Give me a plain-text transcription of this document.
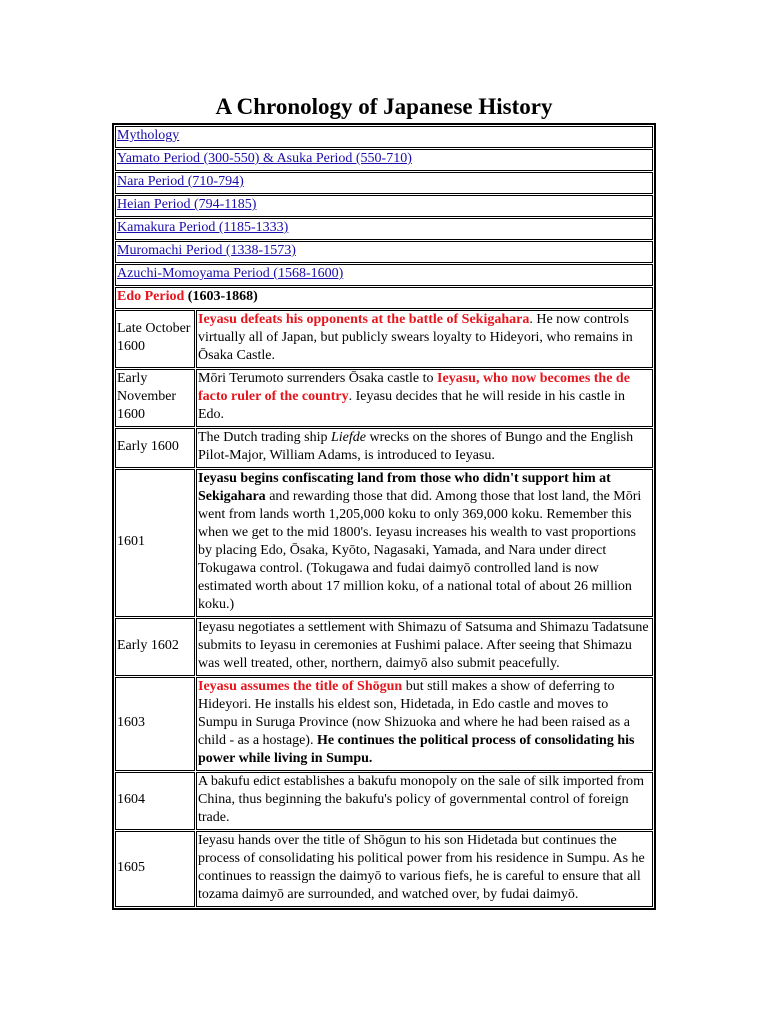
A Chronology of Japanese History
Mythology	
Yamato Period (300-550) & Asuka Period (550-710)	
Nara Period (710-794)	
Heian Period (794-1185)	
Kamakura Period (1185-1333)	
Muromachi Period (1338-1573)	
Azuchi-Momoyama Period (1568-1600)	
Edo Period (1603-1868)	
Late October 1600	Ieyasu defeats his opponents at the battle of Sekigahara. He now controls virtually all of Japan, but publicly swears loyalty to Hideyori, who remains in Ōsaka Castle.
Early November 1600	Mōri Terumoto surrenders Ōsaka castle to Ieyasu, who now becomes the de facto ruler of the country. Ieyasu decides that he will reside in his castle in Edo.
Early 1600	The Dutch trading ship Liefde wrecks on the shores of Bungo and the English Pilot-Major, William Adams, is introduced to Ieyasu.
1601	Ieyasu begins confiscating land from those who didn't support him at Sekigahara and rewarding those that did. Among those that lost land, the Mōri went from lands worth 1,205,000 koku to only 369,000 koku. Remember this when we get to the mid 1800's. Ieyasu increases his wealth to vast proportions by placing Edo, Ōsaka, Kyōto, Nagasaki, Yamada, and Nara under direct Tokugawa control. (Tokugawa and fudai daimyō controlled land is now estimated worth about 17 million koku, of a national total of about 26 million koku.)
Early 1602	Ieyasu negotiates a settlement with Shimazu of Satsuma and Shimazu Tadatsune submits to Ieyasu in ceremonies at Fushimi palace. After seeing that Shimazu was well treated, other, northern, daimyō also submit peacefully.
1603	Ieyasu assumes the title of Shōgun but still makes a show of deferring to Hideyori. He installs his eldest son, Hidetada, in Edo castle and moves to Sumpu in Suruga Province (now Shizuoka and where he had been raised as a child - as a hostage). He continues the political process of consolidating his power while living in Sumpu.
1604	A bakufu edict establishes a bakufu monopoly on the sale of silk imported from China, thus beginning the bakufu's policy of governmental control of foreign trade.
1605	Ieyasu hands over the title of Shōgun to his son Hidetada but continues the process of consolidating his political power from his residence in Sumpu. As he continues to reassign the daimyō to various fiefs, he is careful to ensure that all tozama daimyō are surrounded, and watched over, by fudai daimyō.
